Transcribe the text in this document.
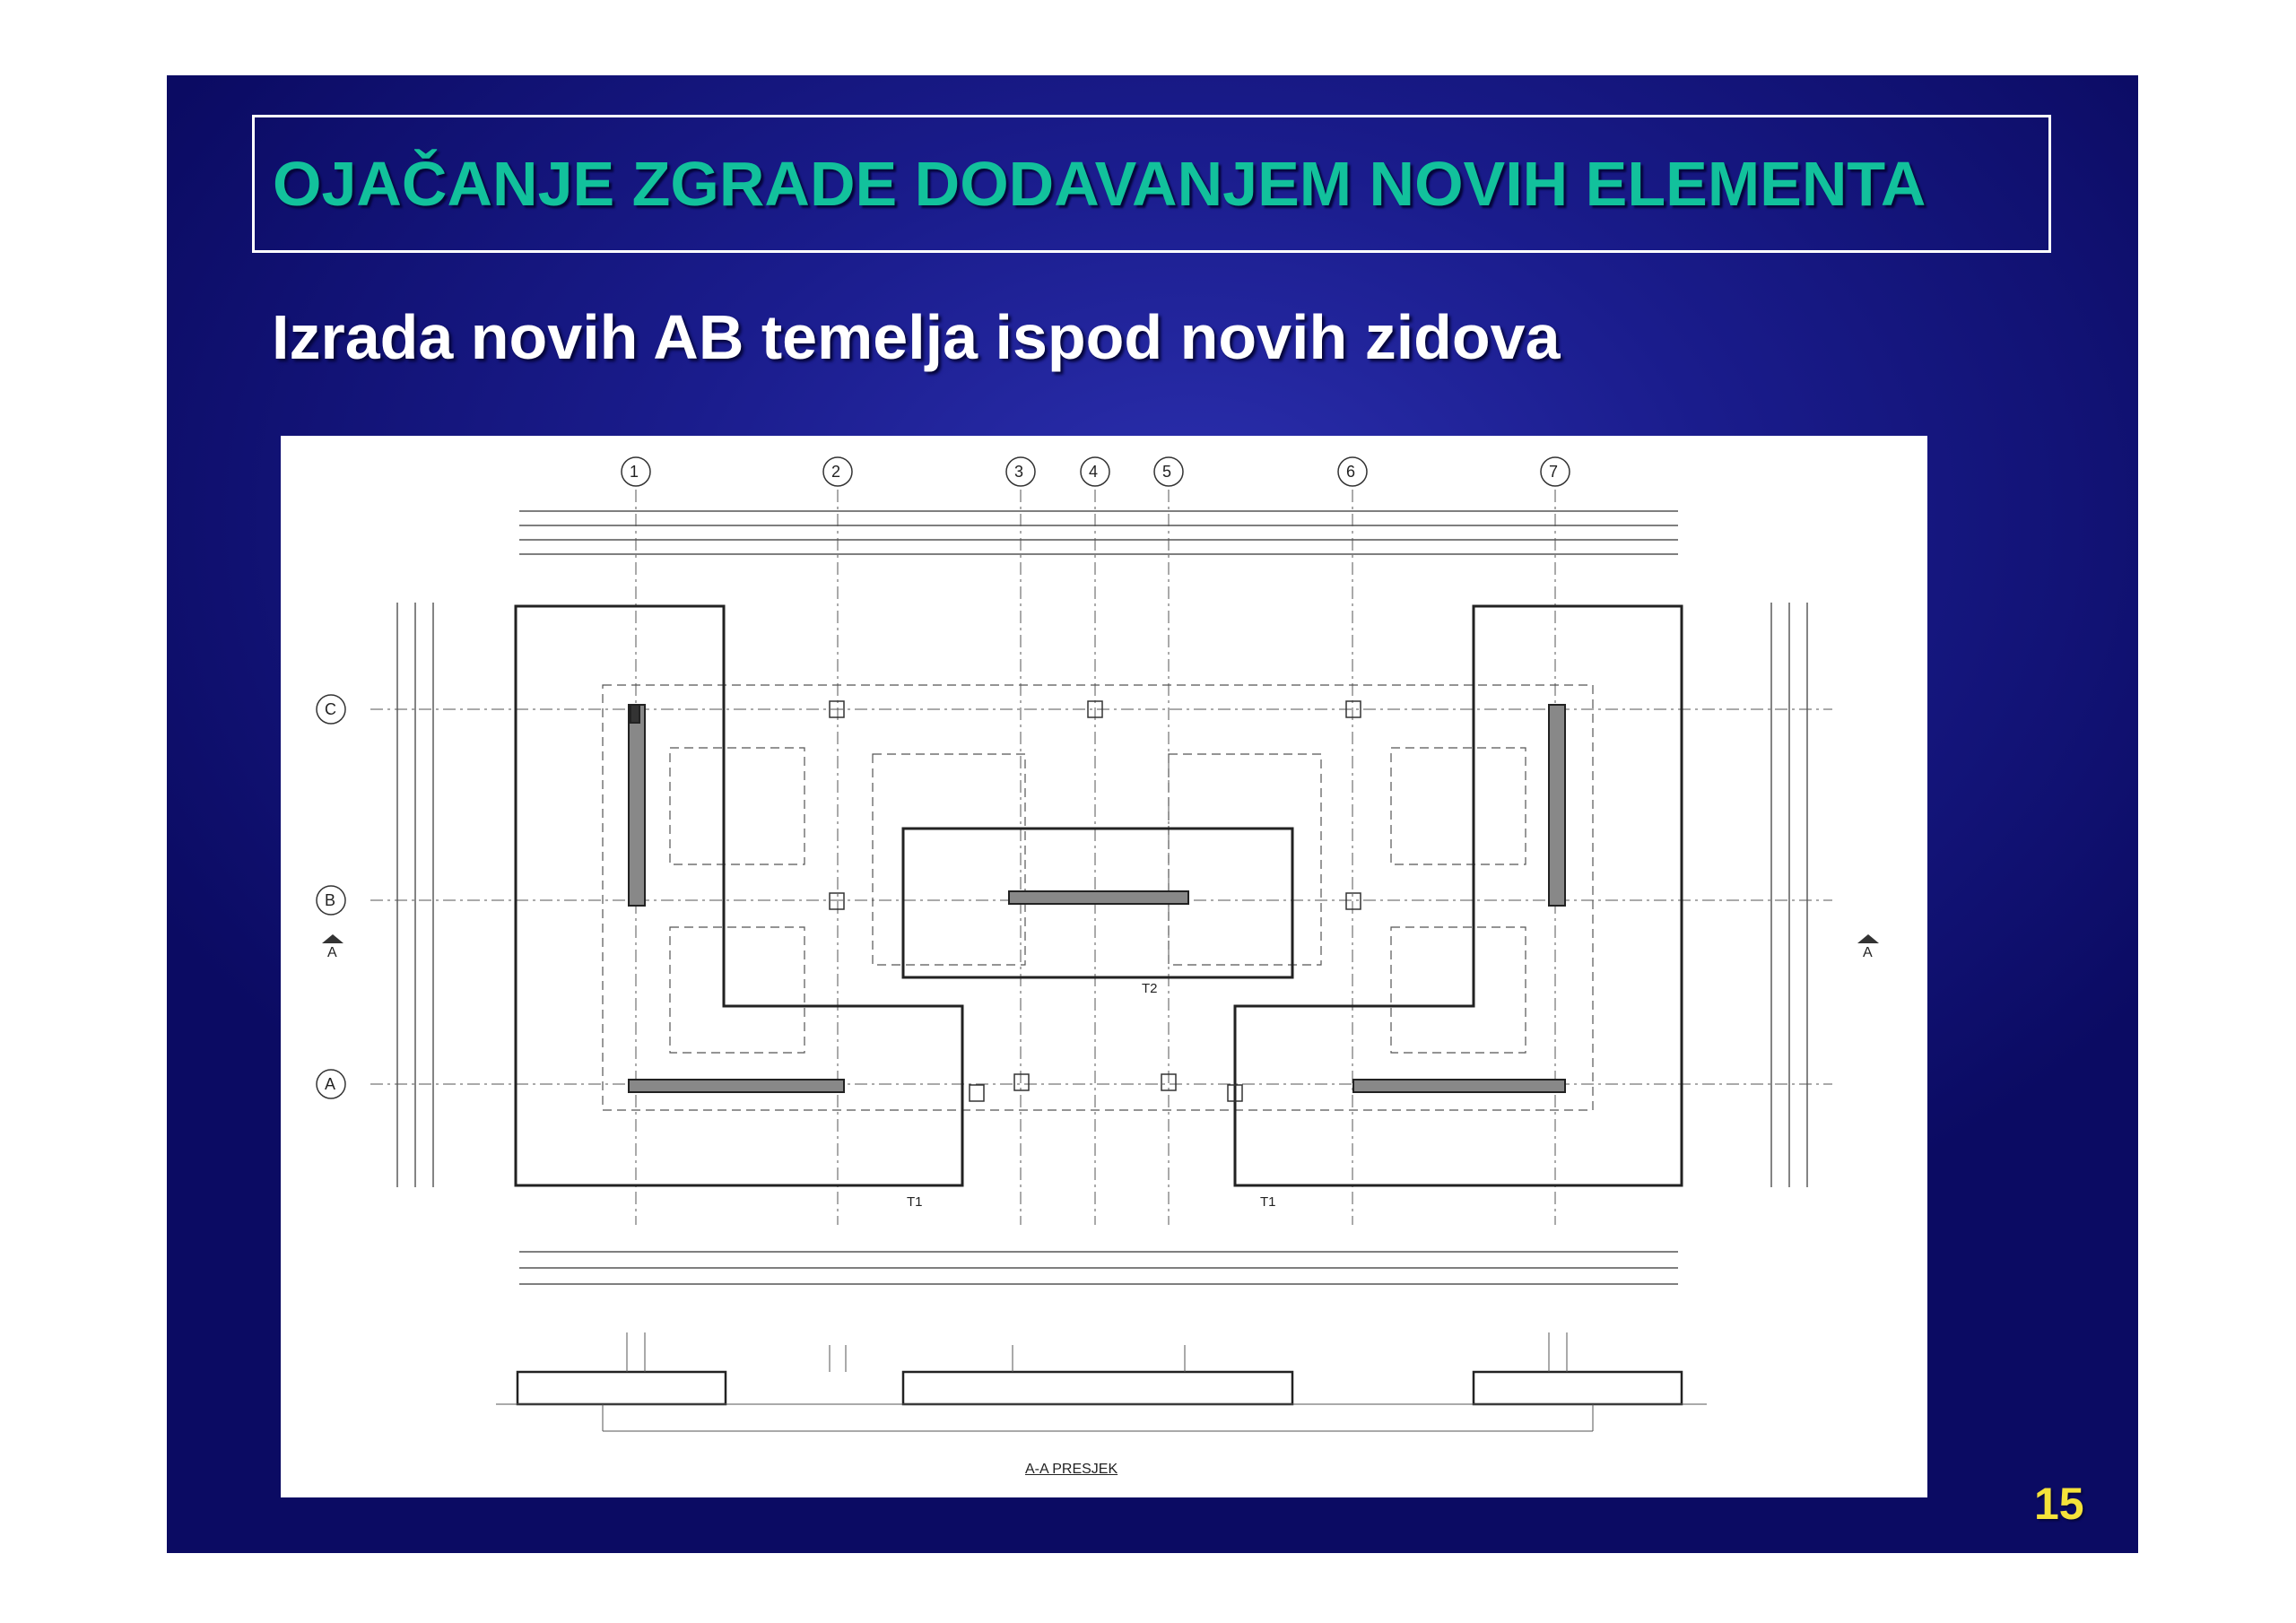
OJAČANJE ZGRADE DODAVANJEM NOVIH ELEMENTA
Izrada novih AB temelja ispod novih zidova
1	2	3	4	5	6	7
C
B
A
A	A
T1	T1
T2
A-A PRESJEK
15
